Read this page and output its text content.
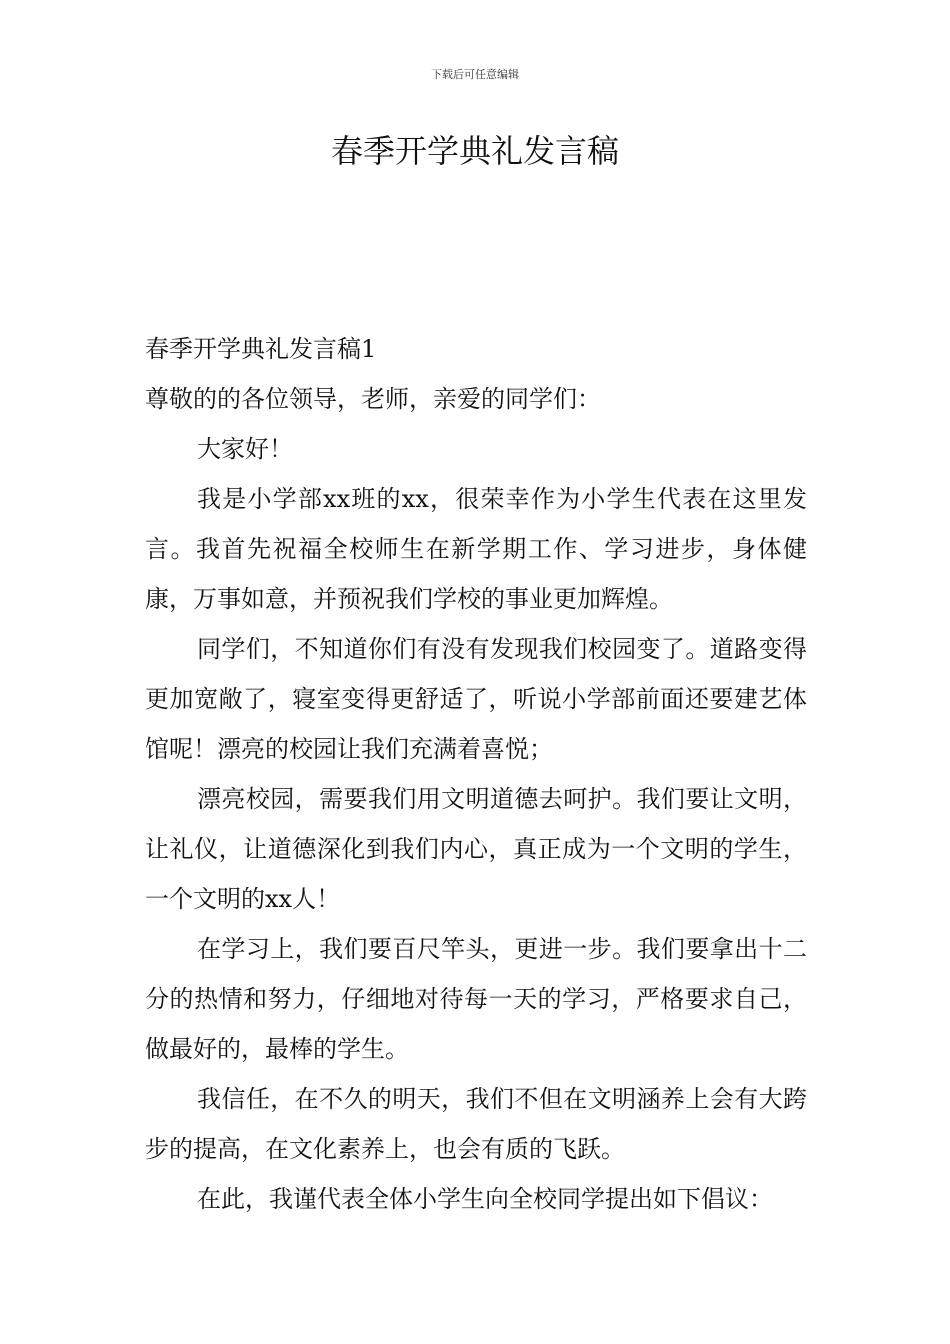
下载后可任意编辑
春季开学典礼发言稿

春季开学典礼发言稿1

尊敬的的各位领导，老师，亲爱的同学们：

大家好！

我是小学部xx班的xx，很荣幸作为小学生代表在这里发言。我首先祝福全校师生在新学期工作、学习进步，身体健康，万事如意，并预祝我们学校的事业更加辉煌。

同学们，不知道你们有没有发现我们校园变了。道路变得更加宽敞了，寝室变得更舒适了，听说小学部前面还要建艺体馆呢！漂亮的校园让我们充满着喜悦；

漂亮校园，需要我们用文明道德去呵护。我们要让文明，让礼仪，让道德深化到我们内心，真正成为一个文明的学生，一个文明的xx人！

在学习上，我们要百尺竿头，更进一步。我们要拿出十二分的热情和努力，仔细地对待每一天的学习，严格要求自己，做最好的，最棒的学生。

我信任，在不久的明天，我们不但在文明涵养上会有大跨步的提高，在文化素养上，也会有质的飞跃。

在此，我谨代表全体小学生向全校同学提出如下倡议：
